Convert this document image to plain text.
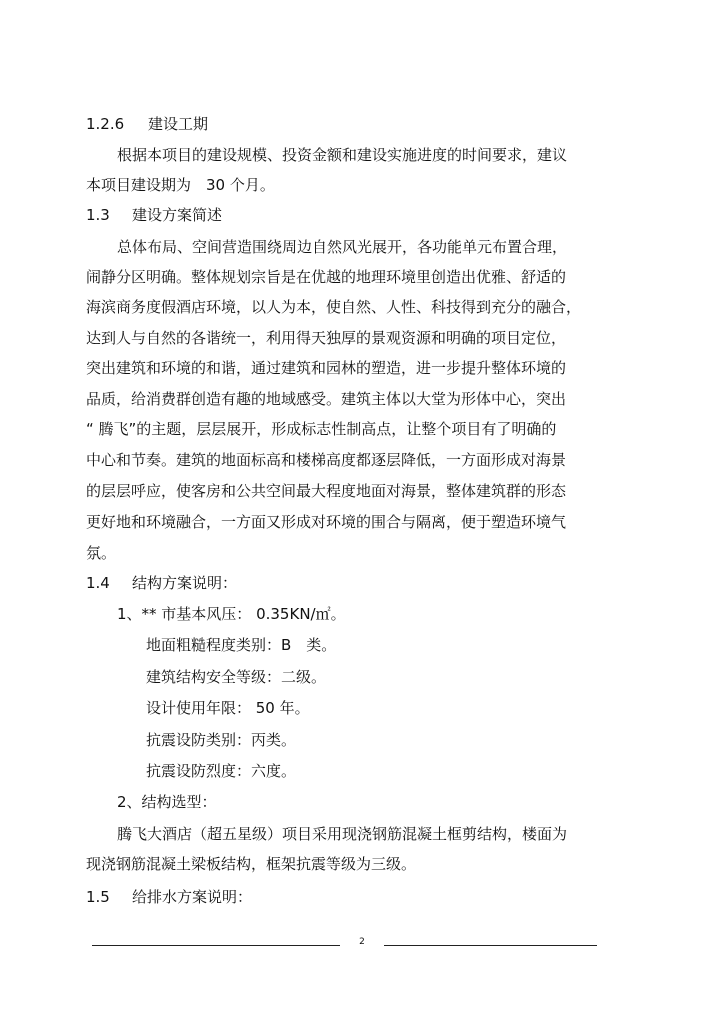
1.2.6 建设工期
根据本项目的建设规模、投资金额和建设实施进度的时间要求，建议
本项目建设期为　30 个月。
1.3 建设方案简述
总体布局、空间营造围绕周边自然风光展开，各功能单元布置合理，
闹静分区明确。整体规划宗旨是在优越的地理环境里创造出优雅、舒适的
海滨商务度假酒店环境，以人为本，使自然、人性、科技得到充分的融合，
达到人与自然的各谐统一，利用得天独厚的景观资源和明确的项目定位，
突出建筑和环境的和谐，通过建筑和园林的塑造，进一步提升整体环境的
品质，给消费群创造有趣的地域感受。建筑主体以大堂为形体中心，突出
“ 腾飞”的主题，层层展开，形成标志性制高点，让整个项目有了明确的
中心和节奏。建筑的地面标高和楼梯高度都逐层降低，一方面形成对海景
的层层呼应，使客房和公共空间最大程度地面对海景，整体建筑群的形态
更好地和环境融合，一方面又形成对环境的围合与隔离，便于塑造环境气
氛。
1.4 结构方案说明：
1、** 市基本风压： 0.35KN/㎡。
地面粗糙程度类别：B　类。
建筑结构安全等级：二级。
设计使用年限： 50 年。
抗震设防类别：丙类。
抗震设防烈度：六度。
2、结构选型：
腾飞大酒店（超五星级）项目采用现浇钢筋混凝土框剪结构，楼面为
现浇钢筋混凝土梁板结构，框架抗震等级为三级。
1.5 给排水方案说明：
2
